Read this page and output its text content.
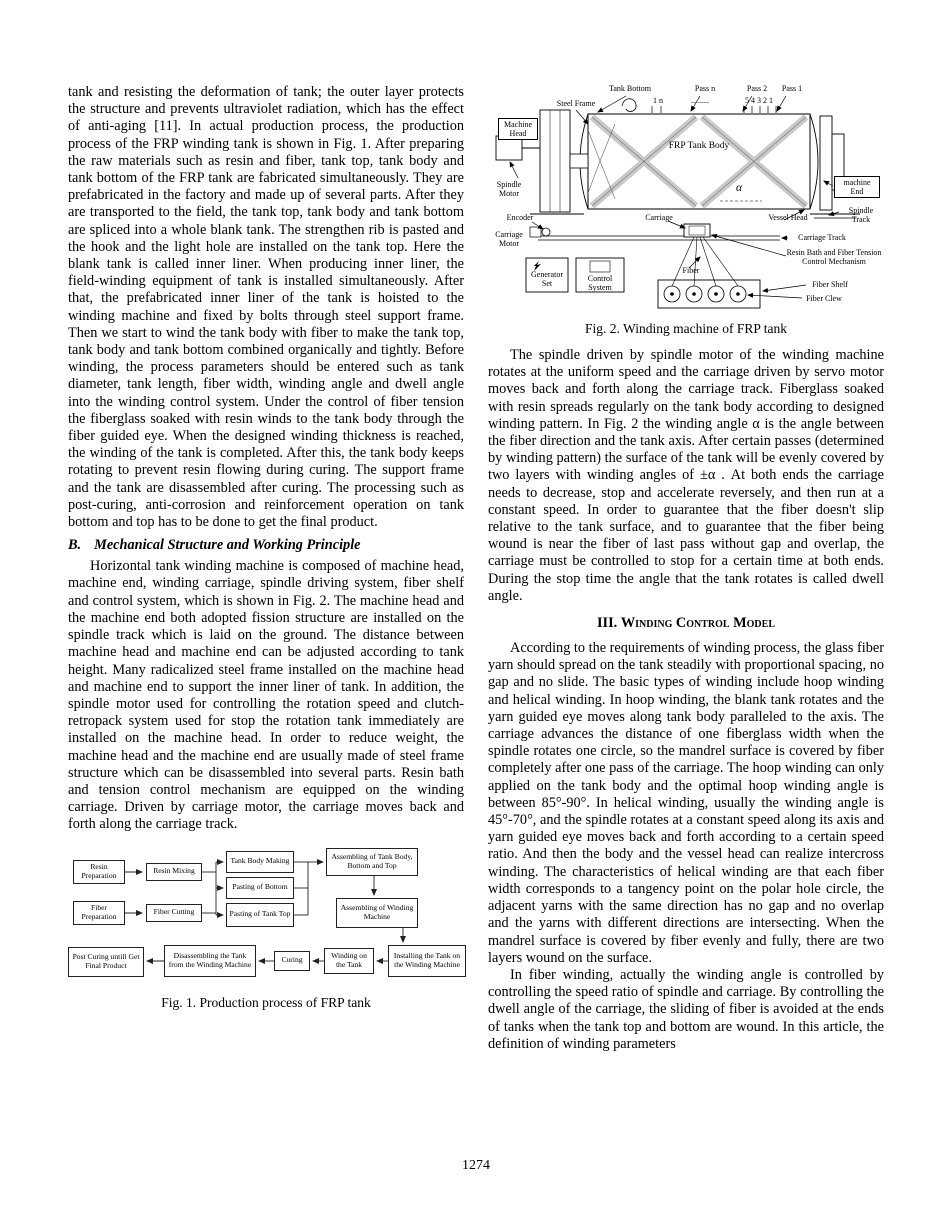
tank and resisting the deformation of tank; the outer layer protects the structure and prevents ultraviolet radiation, which has the effect of anti-aging [11]. In actual production process, the production process of the FRP winding tank is shown in Fig. 1. After preparing the raw materials such as resin and fiber, tank top, tank body and tank bottom of the FRP tank are fabricated simultaneously. They are prefabricated in the factory and made up of several parts. After they are transported to the field, the tank top, tank body and tank bottom are spliced into a whole blank tank. The strengthen rib is pasted and the hook and the light hole are installed on the tank top. Here the blank tank is called inner liner. When producing inner liner, the field-winding equipment of tank is installed simultaneously. After that, the prefabricated inner liner of the tank is hoisted to the winding machine and fixed by bolts through steel support frame. Then we start to wind the tank body with fiber to make the tank top, tank body and tank bottom combined organically and tightly. Before winding, the process parameters should be entered such as tank diameter, tank length, fiber width, winding angle and dwell angle into the winding control system. Under the control of fiber tension the fiberglass soaked with resin winds to the tank body through the fiber guided eye. When the designed winding thickness is reached, the winding of the tank is completed. After this, the tank body keeps rotating to prevent resin flowing during curing. The support frame and the tank are disassembled after curing. The processing such as post-curing, anti-corrosion and reinforcement operation on tank bottom and top has to be done to get the final product.

B. Mechanical Structure and Working Principle

Horizontal tank winding machine is composed of machine head, machine end, winding carriage, spindle driving system, fiber shelf and control system, which is shown in Fig. 2. The machine head and the machine end both adopted fission structure are installed on the spindle track which is laid on the ground. The distance between machine head and machine end can be adjusted according to tank height. Many radicalized steel frame installed on the machine head and machine end to support the inner liner of tank. In addition, the spindle motor used for controlling the rotation speed and clutch-retropack system used for stop the rotation tank immediately are installed on the machine head. In order to reduce weight, the machine head and the machine end are usually made of steel frame structure which can be disassembled into several parts. Resin bath and tension control mechanism are equipped on the winding carriage. Driven by carriage motor, the carriage moves back and forth along the carriage track.

Resin Preparation	Resin Mixing
Fiber Preparation	Fiber Cutting
Tank Body Making
Pasting of Bottom
Pasting of Tank Top
Assembling of Tank Body, Bottom and Top
Assembling of Winding Machine
Post Curing untill Get Final Product
Disassembling the Tank from the Winding Machine	Curing	Winding on the Tank
Installing the Tank on the Winding Machine
Fig. 1. Production process of FRP tank
Tank Bottom	Pass n	Pass 2	Pass 1
1 n	.........	5 4 3 2 1
Steel Frame
Machine Head
Spindle Motor
FRP Tank Body
machine End
Spindle Track
Encoder	Carriage	Vessel Head
Carriage Motor
Carriage Track
Resin Bath and Fiber Tension Control Mechanism
Generator Set
Control System
Fiber
Fiber Shelf
Fiber Clew
α
Fig. 2. Winding machine of FRP tank

The spindle driven by spindle motor of the winding machine rotates at the uniform speed and the carriage driven by servo motor moves back and forth along the carriage track. Fiberglass soaked with resin spreads regularly on the tank body according to designed winding pattern. In Fig. 2 the winding angle α is the angle between the fiber direction and the tank axis. After certain passes (determined by winding pattern) the surface of the tank will be evenly covered by two layers with winding angles of ±α . At both ends the carriage needs to decrease, stop and accelerate reversely, and then run at a constant speed. In order to guarantee that the fiber doesn't slip relative to the tank surface, and to guarantee that the fiber being wound is near the fiber of last pass without gap and overlap, the carriage must be controlled to stop for a certain time at both ends. During the stop time the angle that the tank rotates is called dwell angle.

III. Winding Control Model

According to the requirements of winding process, the glass fiber yarn should spread on the tank steadily with proportional spacing, no gap and no slide. The basic types of winding include hoop winding and helical winding. In hoop winding, the blank tank rotates and the yarn guided eye moves along tank body paralleled to the axis. The carriage advances the distance of one fiberglass width when the spindle rotates one circle, so the mandrel surface is covered by fiber completely after one pass of the carriage. The hoop winding can only applied on the tank body and the optimal hoop winding angle is between 85°-90°. In helical winding, usually the winding angle is 45°-70°, and the spindle rotates at a constant speed along its axis and yarn guided eye moves back and forth according to a certain speed ratio. And then the body and the vessel head can realize intercross winding. The characteristics of helical winding are that each fiber width corresponds to a tangency point on the polar hole circle, the adjacent yarns with the same direction has no gap and no overlap and the yarns with different directions are intersecting. When the mandrel surface is covered by fiber evenly and fully, there are two layers wound on the surface.

In fiber winding, actually the winding angle is controlled by controlling the speed ratio of spindle and carriage. By controlling the dwell angle of the carriage, the sliding of fiber is avoided at the ends of tanks when the tank top and bottom are wound. In this article, the definition of winding parameters

1274
